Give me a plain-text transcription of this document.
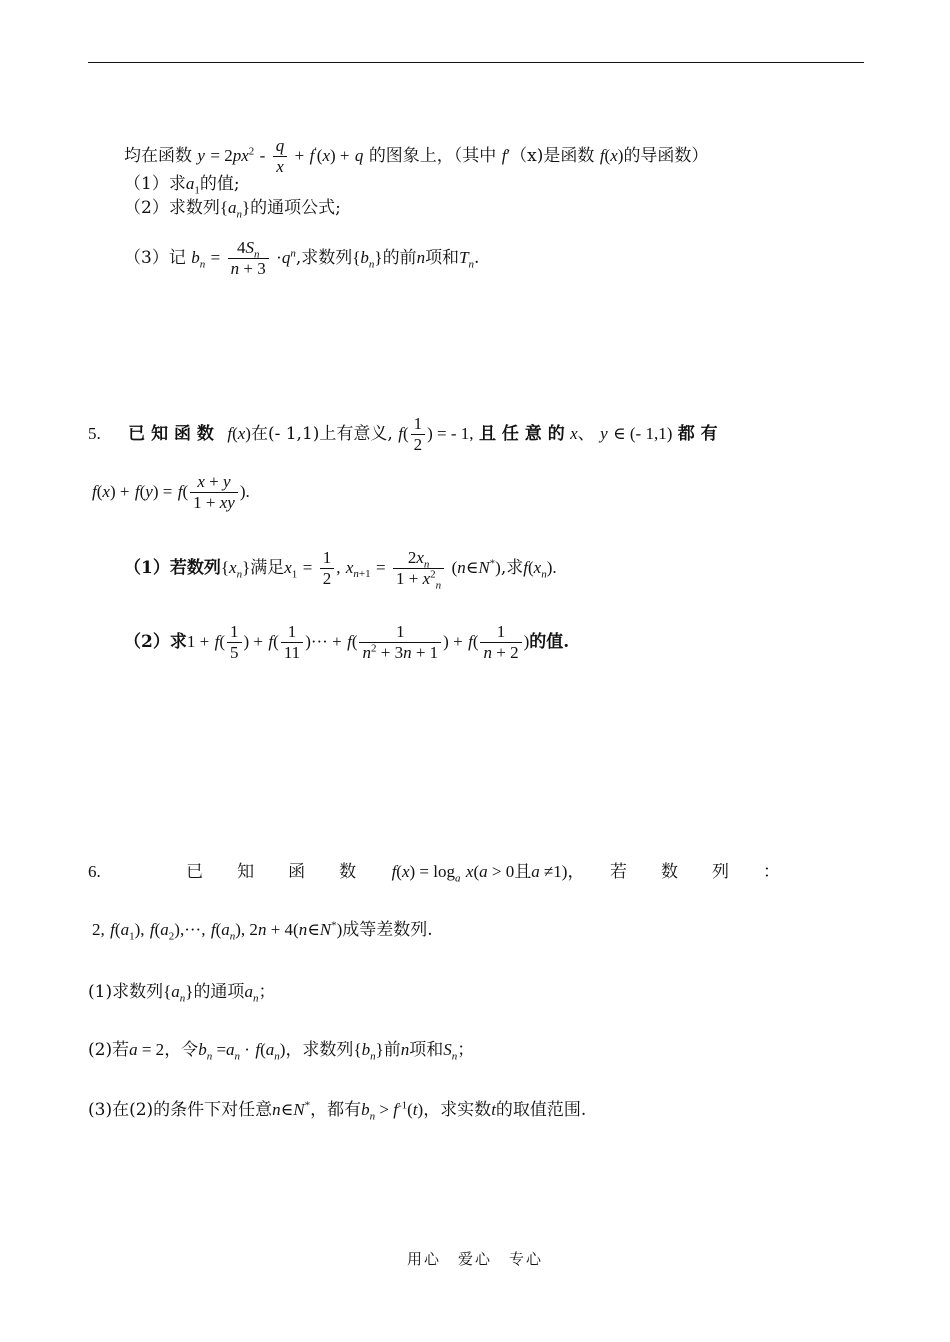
均在函数 $y = 2px^2 - \frac{q}{x} + f'(x) + q$ 的图象上，（其中 f′（x)是函数 f(x)的导函数）
（1）求$a_1$的值;
（2）求数列$\{a_n\}$的通项公式;
（3）记 $b_n = \frac{4S_n}{n + 3} \cdot q^n$,求数列$\{b_n\}$的前n项和$T_n$.
5. 已 知 函 数 f(x)在(- 1,1)上有意义, $f( \frac{1}{2}$ ) = - 1, 且 任 意 的 x、 y ∈ (- 1,1) 都 有
$f(x) + f(y) = f( \frac{x + y}{1 + xy}$ ).
（1）若数列$\{x_n\}$满足$x_1 = \frac{1}{2}$ , $x_{n+1} = \frac{2x_n}{1 + x^2_n}$ (n∈N*),求$f(x_n)$.
（2）求$1 + f( \frac{1}{5}$ ) + $f( \frac{1}{11}$ )··· + $f( \frac{1}{n^2 + 3n + 1}$ ) + $f( \frac{1}{n + 2}$ )的值.
6.	已　　知　　函　　数 $f(x) = \log_a x(a > 0$且a ≠1)，　　若　　数　　列　　：
2, $f(a_1)$, $f(a_2),\cdot\cdot\cdot$, $f(a_n)$, 2n + 4(n∈N*)成等差数列.
(1)求数列$\{a_n\}$的通项$a_n$；
(2)若a = 2，令$b_n =a_n \cdot f(a_n)$，求数列$\{b_n\}$前n项和$S_n$；
(3)在(2)的条件下对任意n∈N*，都有$b_n > f^{-1}(t)$，求实数t的取值范围.
用心　爱心　专心
